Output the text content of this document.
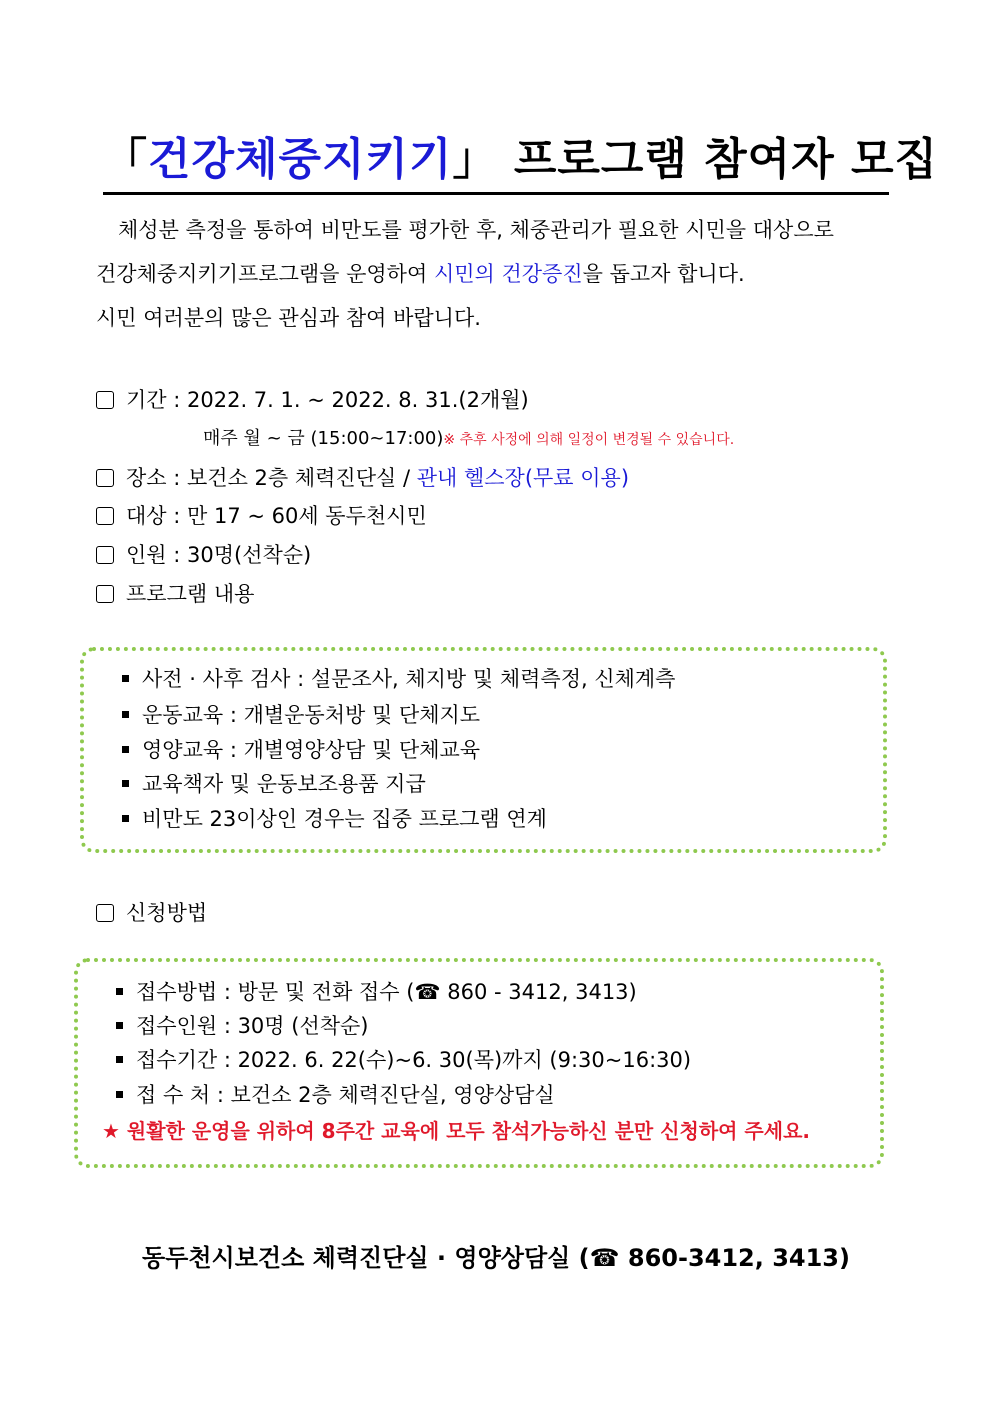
「건강체중지키기」 프로그램 참여자 모집
체성분 측정을 통하여 비만도를 평가한 후, 체중관리가 필요한 시민을 대상으로
건강체중지키기프로그램을 운영하여 시민의 건강증진을 돕고자 합니다.
시민 여러분의 많은 관심과 참여 바랍니다.
기간 : 2022. 7. 1. ~ 2022. 8. 31.(2개월)
매주 월 ~ 금 (15:00~17:00)※ 추후 사정에 의해 일정이 변경될 수 있습니다.
장소 : 보건소 2층 체력진단실 / 관내 헬스장(무료 이용)
대상 : 만 17 ~ 60세 동두천시민
인원 : 30명(선착순)
프로그램 내용
사전 · 사후 검사 : 설문조사, 체지방 및 체력측정, 신체계측
운동교육 : 개별운동처방 및 단체지도
영양교육 : 개별영양상담 및 단체교육
교육책자 및 운동보조용품 지급
비만도 23이상인 경우는 집중 프로그램 연계
신청방법
접수방법 : 방문 및 전화 접수 (☎ 860 - 3412, 3413)
접수인원 : 30명 (선착순)
접수기간 : 2022. 6. 22(수)~6. 30(목)까지 (9:30~16:30)
접 수 처 : 보건소 2층 체력진단실, 영양상담실
★ 원활한 운영을 위하여 8주간 교육에 모두 참석가능하신 분만 신청하여 주세요.
동두천시보건소 체력진단실 · 영양상담실 (☎ 860-3412, 3413)
